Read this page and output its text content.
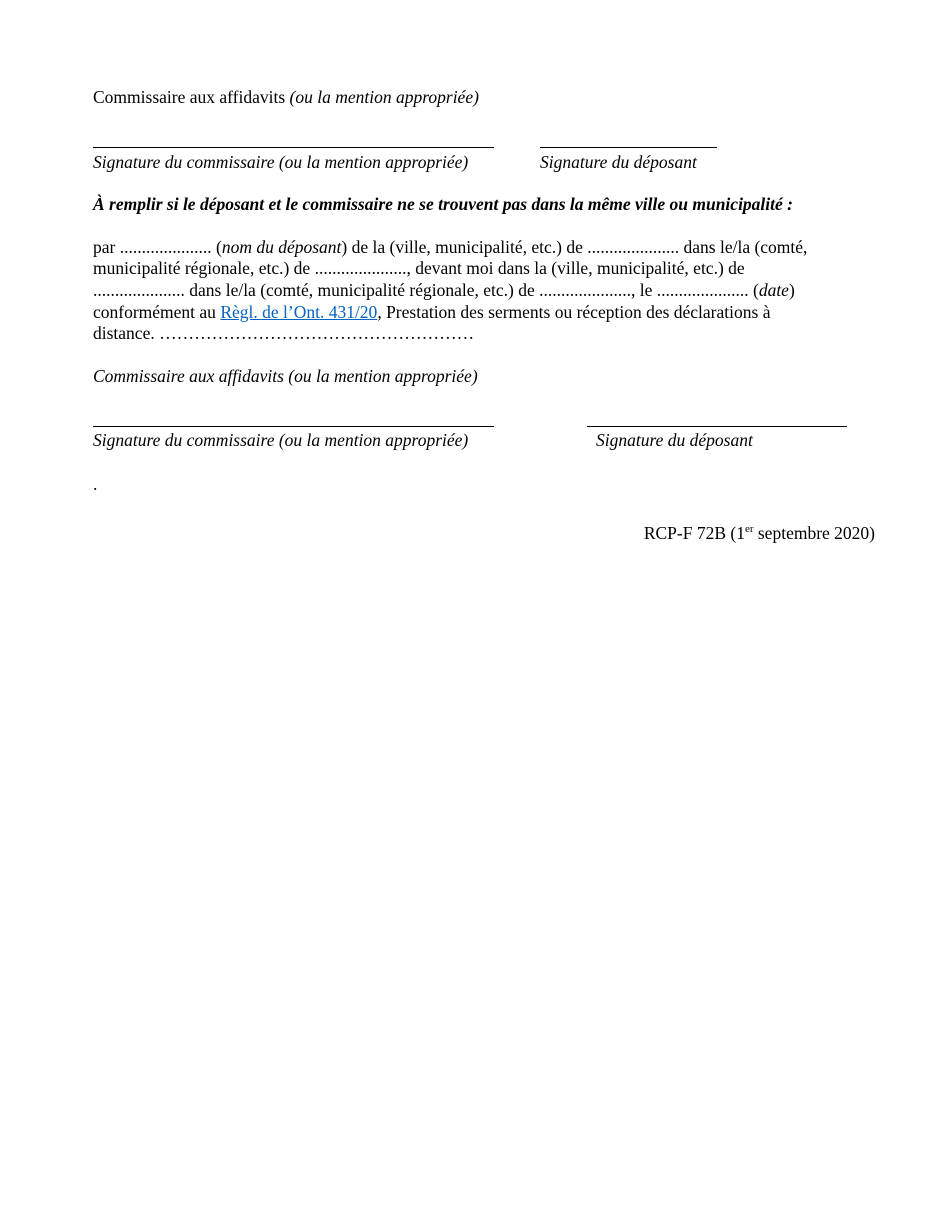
Commissaire aux affidavits (ou la mention appropriée)
Signature du commissaire (ou la mention appropriée)	Signature du déposant
À remplir si le déposant et le commissaire ne se trouvent pas dans la même ville ou municipalité :
par ..................... (nom du déposant) de la (ville, municipalité, etc.) de ..................... dans le/la (comté,
municipalité régionale, etc.) de ....................., devant moi dans la (ville, municipalité, etc.) de
..................... dans le/la (comté, municipalité régionale, etc.) de ....................., le ..................... (date)
conformément au Règl. de l’Ont. 431/20, Prestation des serments ou réception des déclarations à
distance. ………………………………………………
Commissaire aux affidavits (ou la mention appropriée)
Signature du commissaire (ou la mention appropriée)	Signature du déposant
.
RCP-F 72B (1er septembre 2020)
